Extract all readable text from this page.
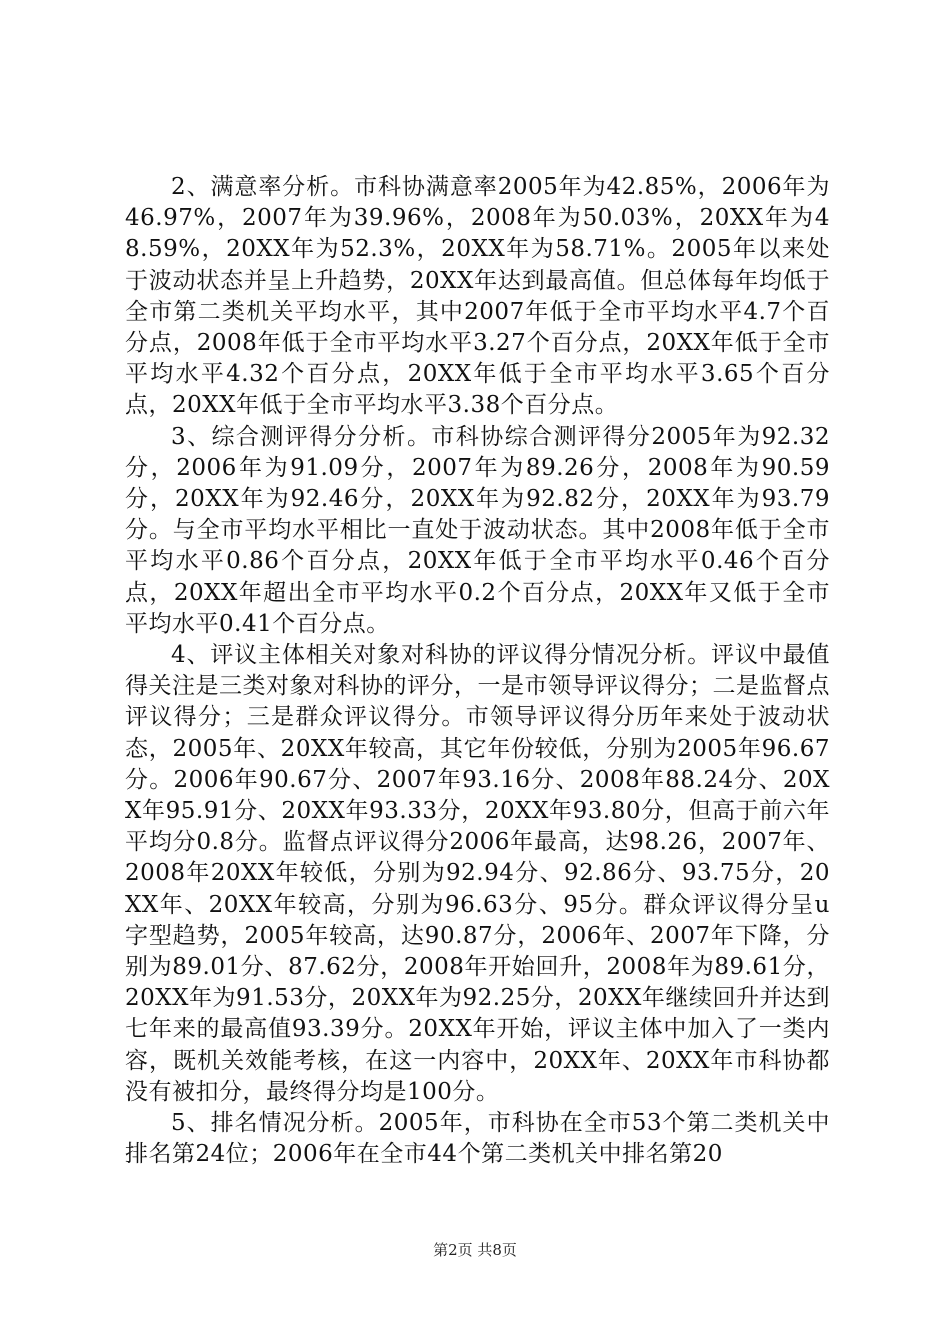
2、满意率分析。市科协满意率2005年为42.85%，2006年为46.97%，2007年为39.96%，2008年为50.03%，20XX年为48.59%，20XX年为52.3%，20XX年为58.71%。2005年以来处于波动状态并呈上升趋势，20XX年达到最高值。但总体每年均低于全市第二类机关平均水平，其中2007年低于全市平均水平4.7个百分点，2008年低于全市平均水平3.27个百分点，20XX年低于全市平均水平4.32个百分点，20XX年低于全市平均水平3.65个百分点，20XX年低于全市平均水平3.38个百分点。

3、综合测评得分分析。市科协综合测评得分2005年为92.32分，2006年为91.09分，2007年为89.26分，2008年为90.59分，20XX年为92.46分，20XX年为92.82分，20XX年为93.79分。与全市平均水平相比一直处于波动状态。其中2008年低于全市平均水平0.86个百分点，20XX年低于全市平均水平0.46个百分点，20XX年超出全市平均水平0.2个百分点，20XX年又低于全市平均水平0.41个百分点。

4、评议主体相关对象对科协的评议得分情况分析。评议中最值得关注是三类对象对科协的评分，一是市领导评议得分；二是监督点评议得分；三是群众评议得分。市领导评议得分历年来处于波动状态，2005年、20XX年较高，其它年份较低，分别为2005年96.67分。2006年90.67分、2007年93.16分、2008年88.24分、20XX年95.91分、20XX年93.33分，20XX年93.80分，但高于前六年平均分0.8分。监督点评议得分2006年最高，达98.26，2007年、2008年20XX年较低，分别为92.94分、92.86分、93.75分，20XX年、20XX年较高，分别为96.63分、95分。群众评议得分呈u字型趋势，2005年较高，达90.87分，2006年、2007年下降，分别为89.01分、87.62分，2008年开始回升，2008年为89.61分，20XX年为91.53分，20XX年为92.25分，20XX年继续回升并达到七年来的最高值93.39分。20XX年开始，评议主体中加入了一类内容，既机关效能考核，在这一内容中，20XX年、20XX年市科协都没有被扣分，最终得分均是100分。

5、排名情况分析。2005年，市科协在全市53个第二类机关中排名第24位；2006年在全市44个第二类机关中排名第20

第2页 共8页
